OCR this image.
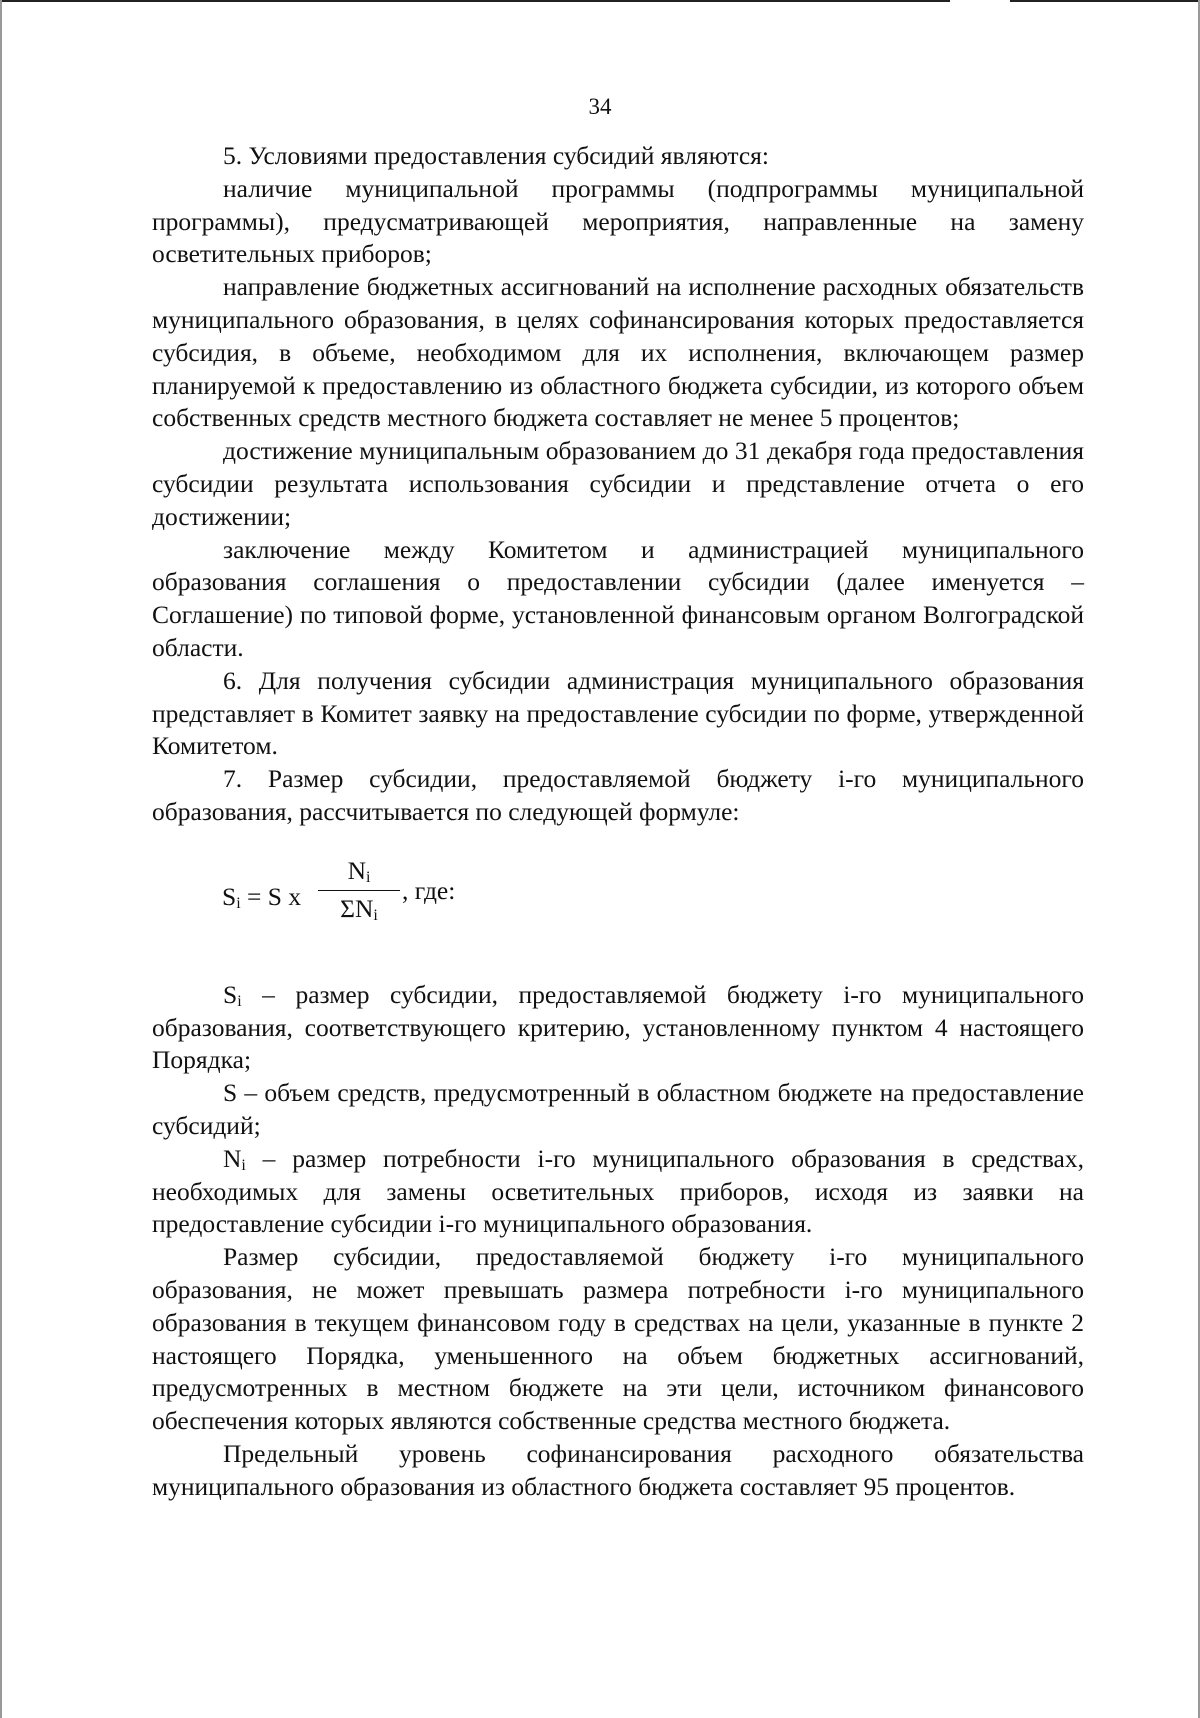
34

5. Условиями предоставления субсидий являются:

наличие муниципальной программы (подпрограммы муниципальной программы), предусматривающей мероприятия, направленные на замену осветительных приборов;

направление бюджетных ассигнований на исполнение расходных обязательств муниципального образования, в целях софинансирования которых предоставляется субсидия, в объеме, необходимом для их исполнения, включающем размер планируемой к предоставлению из областного бюджета субсидии, из которого объем собственных средств местного бюджета составляет не менее 5 процентов;

достижение муниципальным образованием до 31 декабря года предоставления субсидии результата использования субсидии и представление отчета о его достижении;

заключение между Комитетом и администрацией муниципального образования соглашения о предоставлении субсидии (далее именуется – Соглашение) по типовой форме, установленной финансовым органом Волгоградской области.

6. Для получения субсидии администрация муниципального образования представляет в Комитет заявку на предоставление субсидии по форме, утвержденной Комитетом.

7. Размер субсидии, предоставляемой бюджету i-го муниципального образования, рассчитывается по следующей формуле:

$S_i = S$ x
$N_i$
$\Sigma N_i$
, где:

$S_i$ – размер субсидии, предоставляемой бюджету i-го муниципального образования, соответствующего критерию, установленному пунктом 4 настоящего Порядка;

S – объем средств, предусмотренный в областном бюджете на предоставление субсидий;

$N_i$ – размер потребности i-го муниципального образования в средствах, необходимых для замены осветительных приборов, исходя из заявки на предоставление субсидии i-го муниципального образования.

Размер субсидии, предоставляемой бюджету i-го муниципального образования, не может превышать размера потребности i-го муниципального образования в текущем финансовом году в средствах на цели, указанные в пункте 2 настоящего Порядка, уменьшенного на объем бюджетных ассигнований, предусмотренных в местном бюджете на эти цели, источником финансового обеспечения которых являются собственные средства местного бюджета.

Предельный уровень софинансирования расходного обязательства муниципального образования из областного бюджета составляет 95 процентов.
